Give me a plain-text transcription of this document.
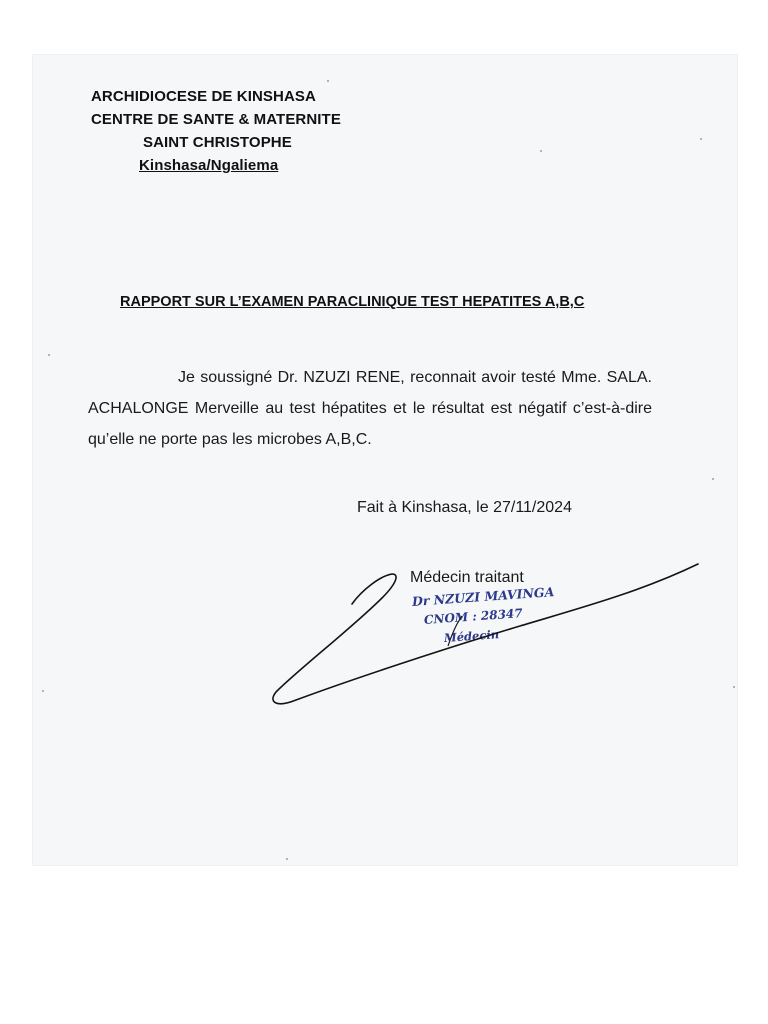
ARCHIDIOCESE DE KINSHASA
CENTRE DE SANTE & MATERNITE
SAINT CHRISTOPHE
Kinshasa/Ngaliema
RAPPORT SUR L’EXAMEN PARACLINIQUE TEST HEPATITES A,B,C
Je soussigné Dr. NZUZI RENE, reconnait avoir testé Mme. SALA. ACHALONGE Merveille au test hépatites et le résultat est négatif c’est-à-dire qu’elle ne porte pas les microbes A,B,C.
Fait à Kinshasa, le 27/11/2024
Médecin traitant
Dr NZUZI MAVINGA
CNOM : 28347
Médecin
